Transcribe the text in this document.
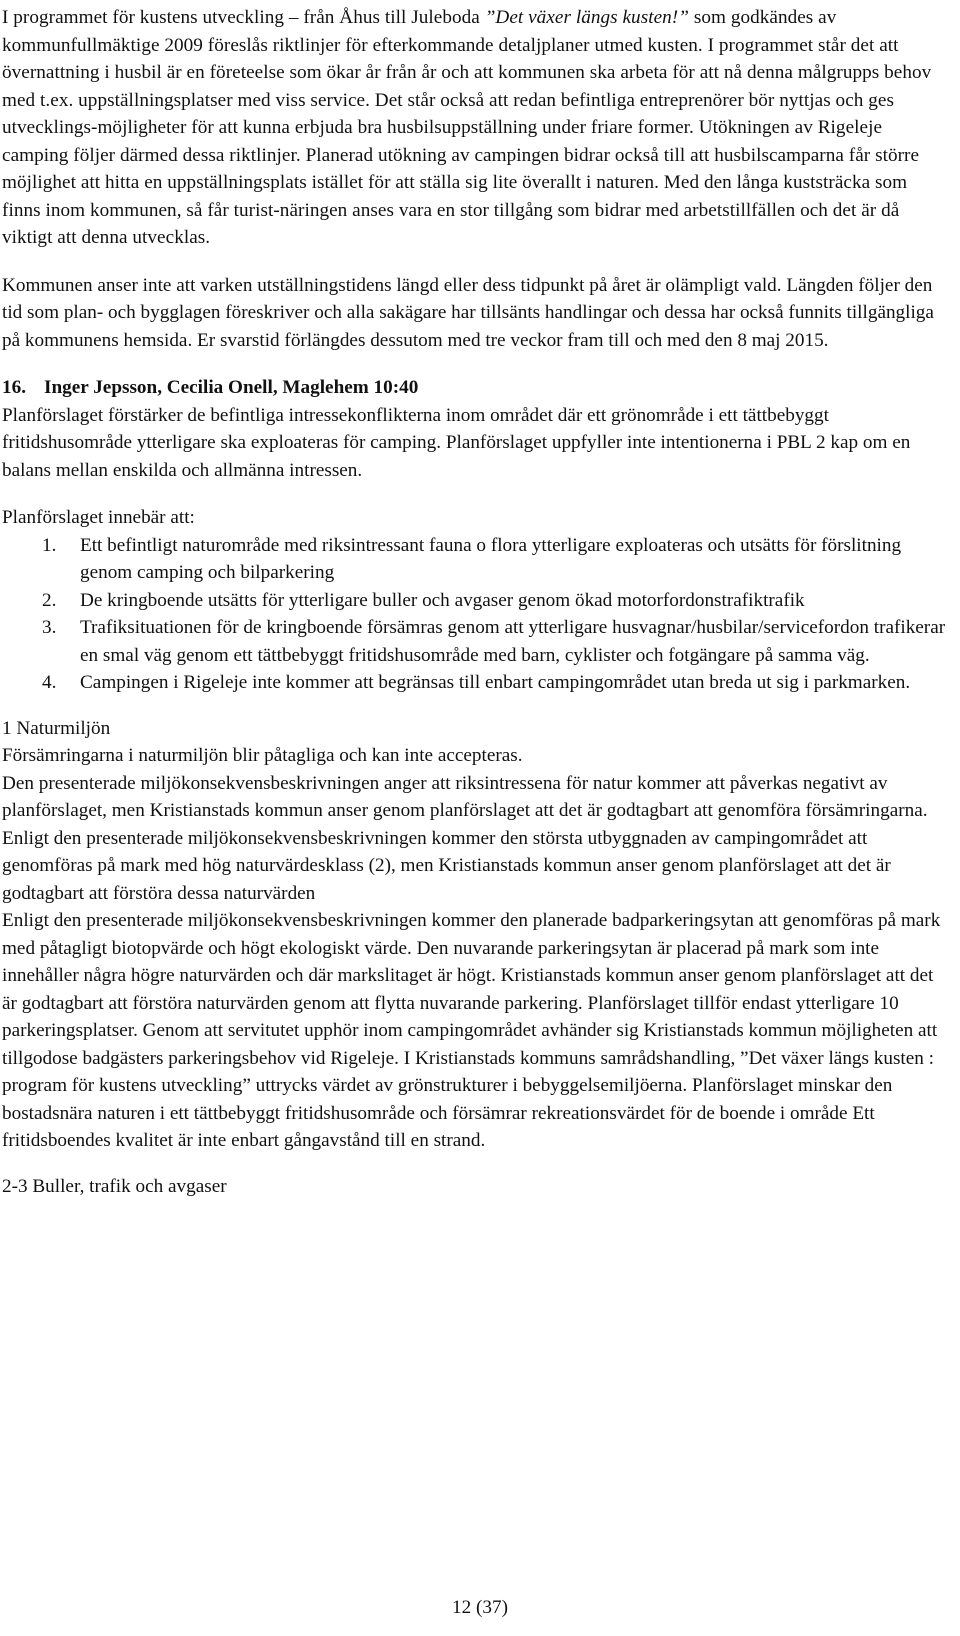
I programmet för kustens utveckling – från Åhus till Juleboda ”Det växer längs kusten!” som godkändes av kommunfullmäktige 2009 föreslås riktlinjer för efterkommande detaljplaner utmed kusten. I programmet står det att övernattning i husbil är en företeelse som ökar år från år och att kommunen ska arbeta för att nå denna målgrupps behov med t.ex. uppställningsplatser med viss service. Det står också att redan befintliga entreprenörer bör nyttjas och ges utvecklings-möjligheter för att kunna erbjuda bra husbilsuppställning under friare former. Utökningen av Rigeleje camping följer därmed dessa riktlinjer. Planerad utökning av campingen bidrar också till att husbilscamparna får större möjlighet att hitta en uppställningsplats istället för att ställa sig lite överallt i naturen. Med den långa kuststräcka som finns inom kommunen, så får turist-näringen anses vara en stor tillgång som bidrar med arbetstillfällen och det är då viktigt att denna utvecklas.

Kommunen anser inte att varken utställningstidens längd eller dess tidpunkt på året är olämpligt vald. Längden följer den tid som plan- och bygglagen föreskriver och alla sakägare har tillsänts handlingar och dessa har också funnits tillgängliga på kommunens hemsida. Er svarstid förlängdes dessutom med tre veckor fram till och med den 8 maj 2015.

16. Inger Jepsson, Cecilia Onell, Maglehem 10:40

Planförslaget förstärker de befintliga intressekonflikterna inom området där ett grönområde i ett tättbebyggt fritidshusområde ytterligare ska exploateras för camping. Planförslaget uppfyller inte intentionerna i PBL 2 kap om en balans mellan enskilda och allmänna intressen.

Planförslaget innebär att:

1. Ett befintligt naturområde med riksintressant fauna o flora ytterligare exploateras och utsätts för förslitning genom camping och bilparkering
2. De kringboende utsätts för ytterligare buller och avgaser genom ökad motorfordonstrafiktrafik
3. Trafiksituationen för de kringboende försämras genom att ytterligare husvagnar/husbilar/servicefordon trafikerar en smal väg genom ett tättbebyggt fritidshusområde med barn, cyklister och fotgängare på samma väg.
4. Campingen i Rigeleje inte kommer att begränsas till enbart campingområdet utan breda ut sig i parkmarken.

1 Naturmiljön

Försämringarna i naturmiljön blir påtagliga och kan inte accepteras.

Den presenterade miljökonsekvensbeskrivningen anger att riksintressena för natur kommer att påverkas negativt av planförslaget, men Kristianstads kommun anser genom planförslaget att det är godtagbart att genomföra försämringarna.

Enligt den presenterade miljökonsekvensbeskrivningen kommer den största utbyggnaden av campingområdet att genomföras på mark med hög naturvärdesklass (2), men Kristianstads kommun anser genom planförslaget att det är godtagbart att förstöra dessa naturvärden

Enligt den presenterade miljökonsekvensbeskrivningen kommer den planerade badparkeringsytan att genomföras på mark med påtagligt biotopvärde och högt ekologiskt värde. Den nuvarande parkeringsytan är placerad på mark som inte innehåller några högre naturvärden och där markslitaget är högt. Kristianstads kommun anser genom planförslaget att det är godtagbart att förstöra naturvärden genom att flytta nuvarande parkering. Planförslaget tillför endast ytterligare 10 parkeringsplatser. Genom att servitutet upphör inom campingområdet avhänder sig Kristianstads kommun möjligheten att tillgodose badgästers parkeringsbehov vid Rigeleje. I Kristianstads kommuns samrådshandling, ”Det växer längs kusten : program för kustens utveckling” uttrycks värdet av grönstrukturer i bebyggelsemiljöerna. Planförslaget minskar den bostadsnära naturen i ett tättbebyggt fritidshusområde och försämrar rekreationsvärdet för de boende i område Ett fritidsboendes kvalitet är inte enbart gångavstånd till en strand.

2-3 Buller, trafik och avgaser

12 (37)
